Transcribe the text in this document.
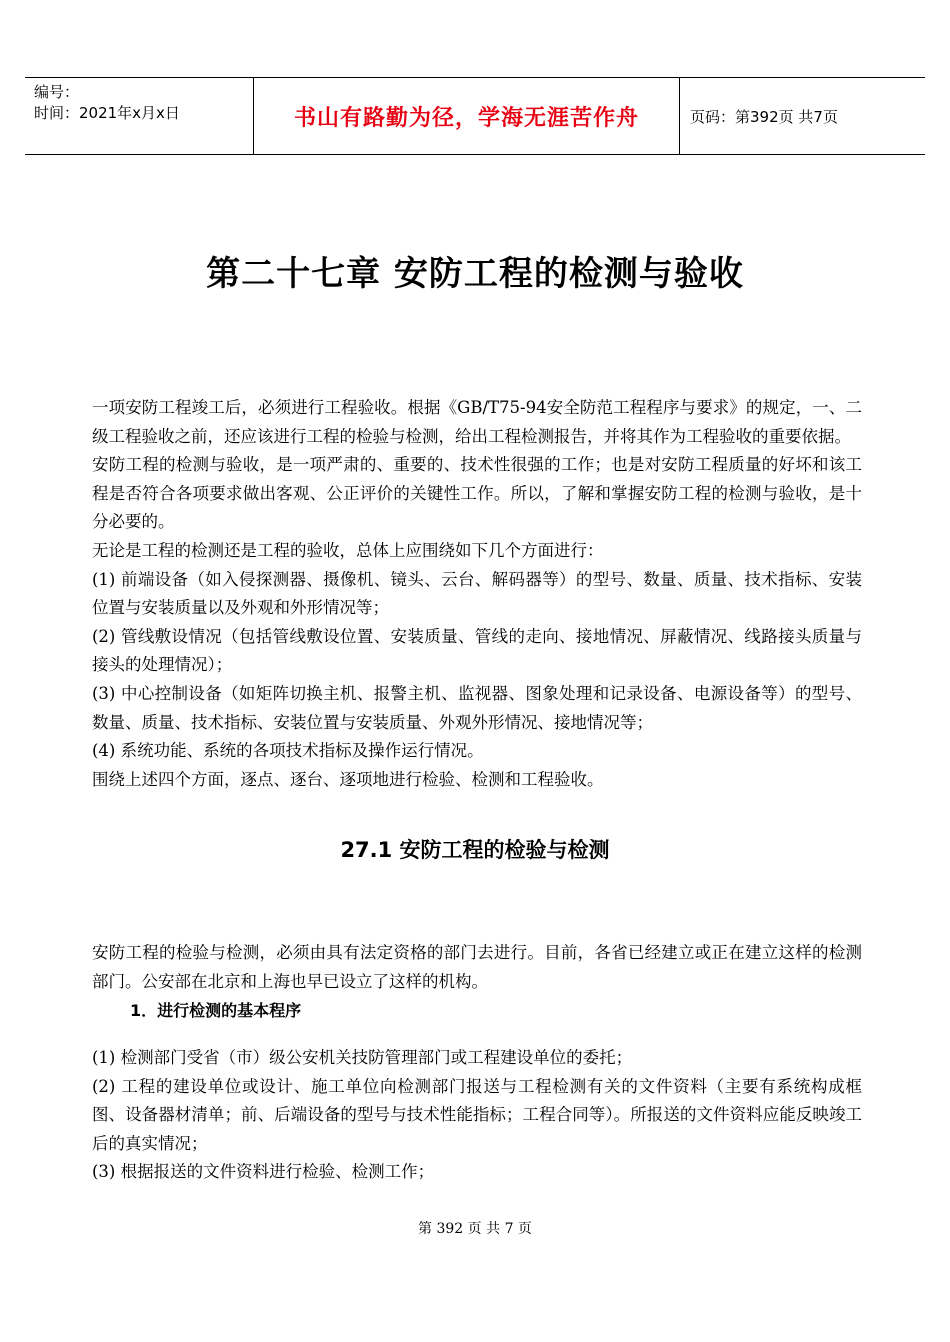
编号：
时间：2021年x月x日	书山有路勤为径，学海无涯苦作舟	页码：第392页 共7页
第二十七章 安防工程的检测与验收

一项安防工程竣工后，必须进行工程验收。根据《GB/T75-94安全防范工程程序与要求》的规定，一、二级工程验收之前，还应该进行工程的检验与检测，给出工程检测报告，并将其作为工程验收的重要依据。

安防工程的检测与验收，是一项严肃的、重要的、技术性很强的工作；也是对安防工程质量的好坏和该工程是否符合各项要求做出客观、公正评价的关键性工作。所以，了解和掌握安防工程的检测与验收，是十分必要的。

无论是工程的检测还是工程的验收，总体上应围绕如下几个方面进行：

(1) 前端设备（如入侵探测器、摄像机、镜头、云台、解码器等）的型号、数量、质量、技术指标、安装位置与安装质量以及外观和外形情况等；

(2) 管线敷设情况（包括管线敷设位置、安装质量、管线的走向、接地情况、屏蔽情况、线路接头质量与接头的处理情况）；

(3) 中心控制设备（如矩阵切换主机、报警主机、监视器、图象处理和记录设备、电源设备等）的型号、数量、质量、技术指标、安装位置与安装质量、外观外形情况、接地情况等；

(4) 系统功能、系统的各项技术指标及操作运行情况。

围绕上述四个方面，逐点、逐台、逐项地进行检验、检测和工程验收。

27.1 安防工程的检验与检测

安防工程的检验与检测，必须由具有法定资格的部门去进行。目前，各省已经建立或正在建立这样的检测部门。公安部在北京和上海也早已设立了这样的机构。

1．进行检测的基本程序

(1) 检测部门受省（市）级公安机关技防管理部门或工程建设单位的委托；

(2) 工程的建设单位或设计、施工单位向检测部门报送与工程检测有关的文件资料（主要有系统构成框图、设备器材清单；前、后端设备的型号与技术性能指标；工程合同等）。所报送的文件资料应能反映竣工后的真实情况；

(3) 根据报送的文件资料进行检验、检测工作；

第 392 页 共 7 页
